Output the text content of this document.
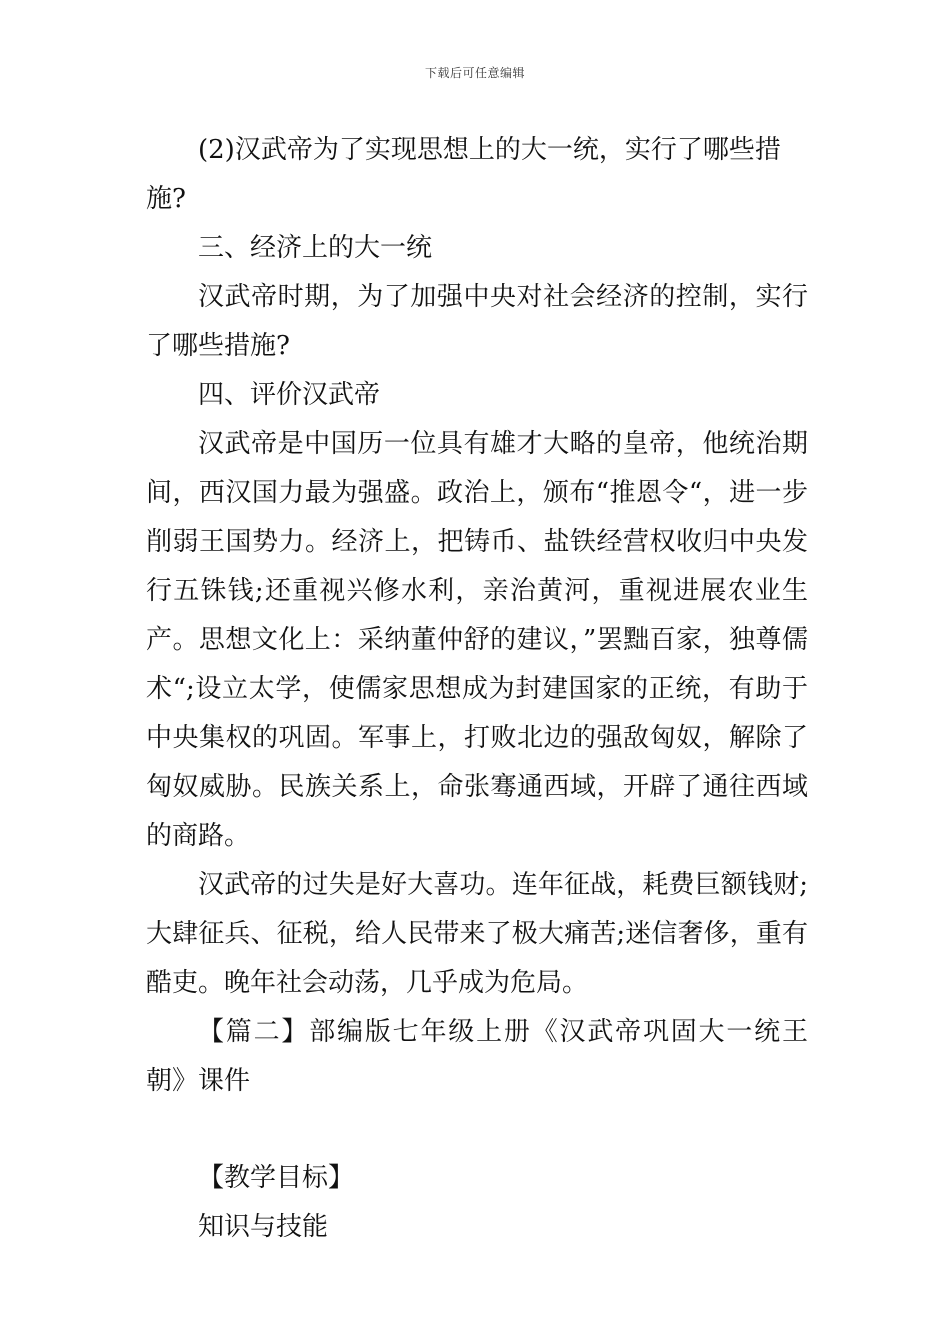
下载后可任意编辑

(2)汉武帝为了实现思想上的大一统，实行了哪些措施?

三、经济上的大一统

汉武帝时期，为了加强中央对社会经济的控制，实行了哪些措施?

四、评价汉武帝

汉武帝是中国历一位具有雄才大略的皇帝，他统治期间，西汉国力最为强盛。政治上，颁布“推恩令“，进一步削弱王国势力。经济上，把铸币、盐铁经营权收归中央发行五铢钱;还重视兴修水利，亲治黄河，重视进展农业生产。思想文化上：采纳董仲舒的建议，”罢黜百家，独尊儒术“;设立太学，使儒家思想成为封建国家的正统，有助于中央集权的巩固。军事上，打败北边的强敌匈奴，解除了匈奴威胁。民族关系上，命张骞通西域，开辟了通往西域的商路。

汉武帝的过失是好大喜功。连年征战，耗费巨额钱财;大肆征兵、征税，给人民带来了极大痛苦;迷信奢侈，重有酷吏。晚年社会动荡，几乎成为危局。

【篇二】部编版七年级上册《汉武帝巩固大一统王朝》课件

【教学目标】

知识与技能
